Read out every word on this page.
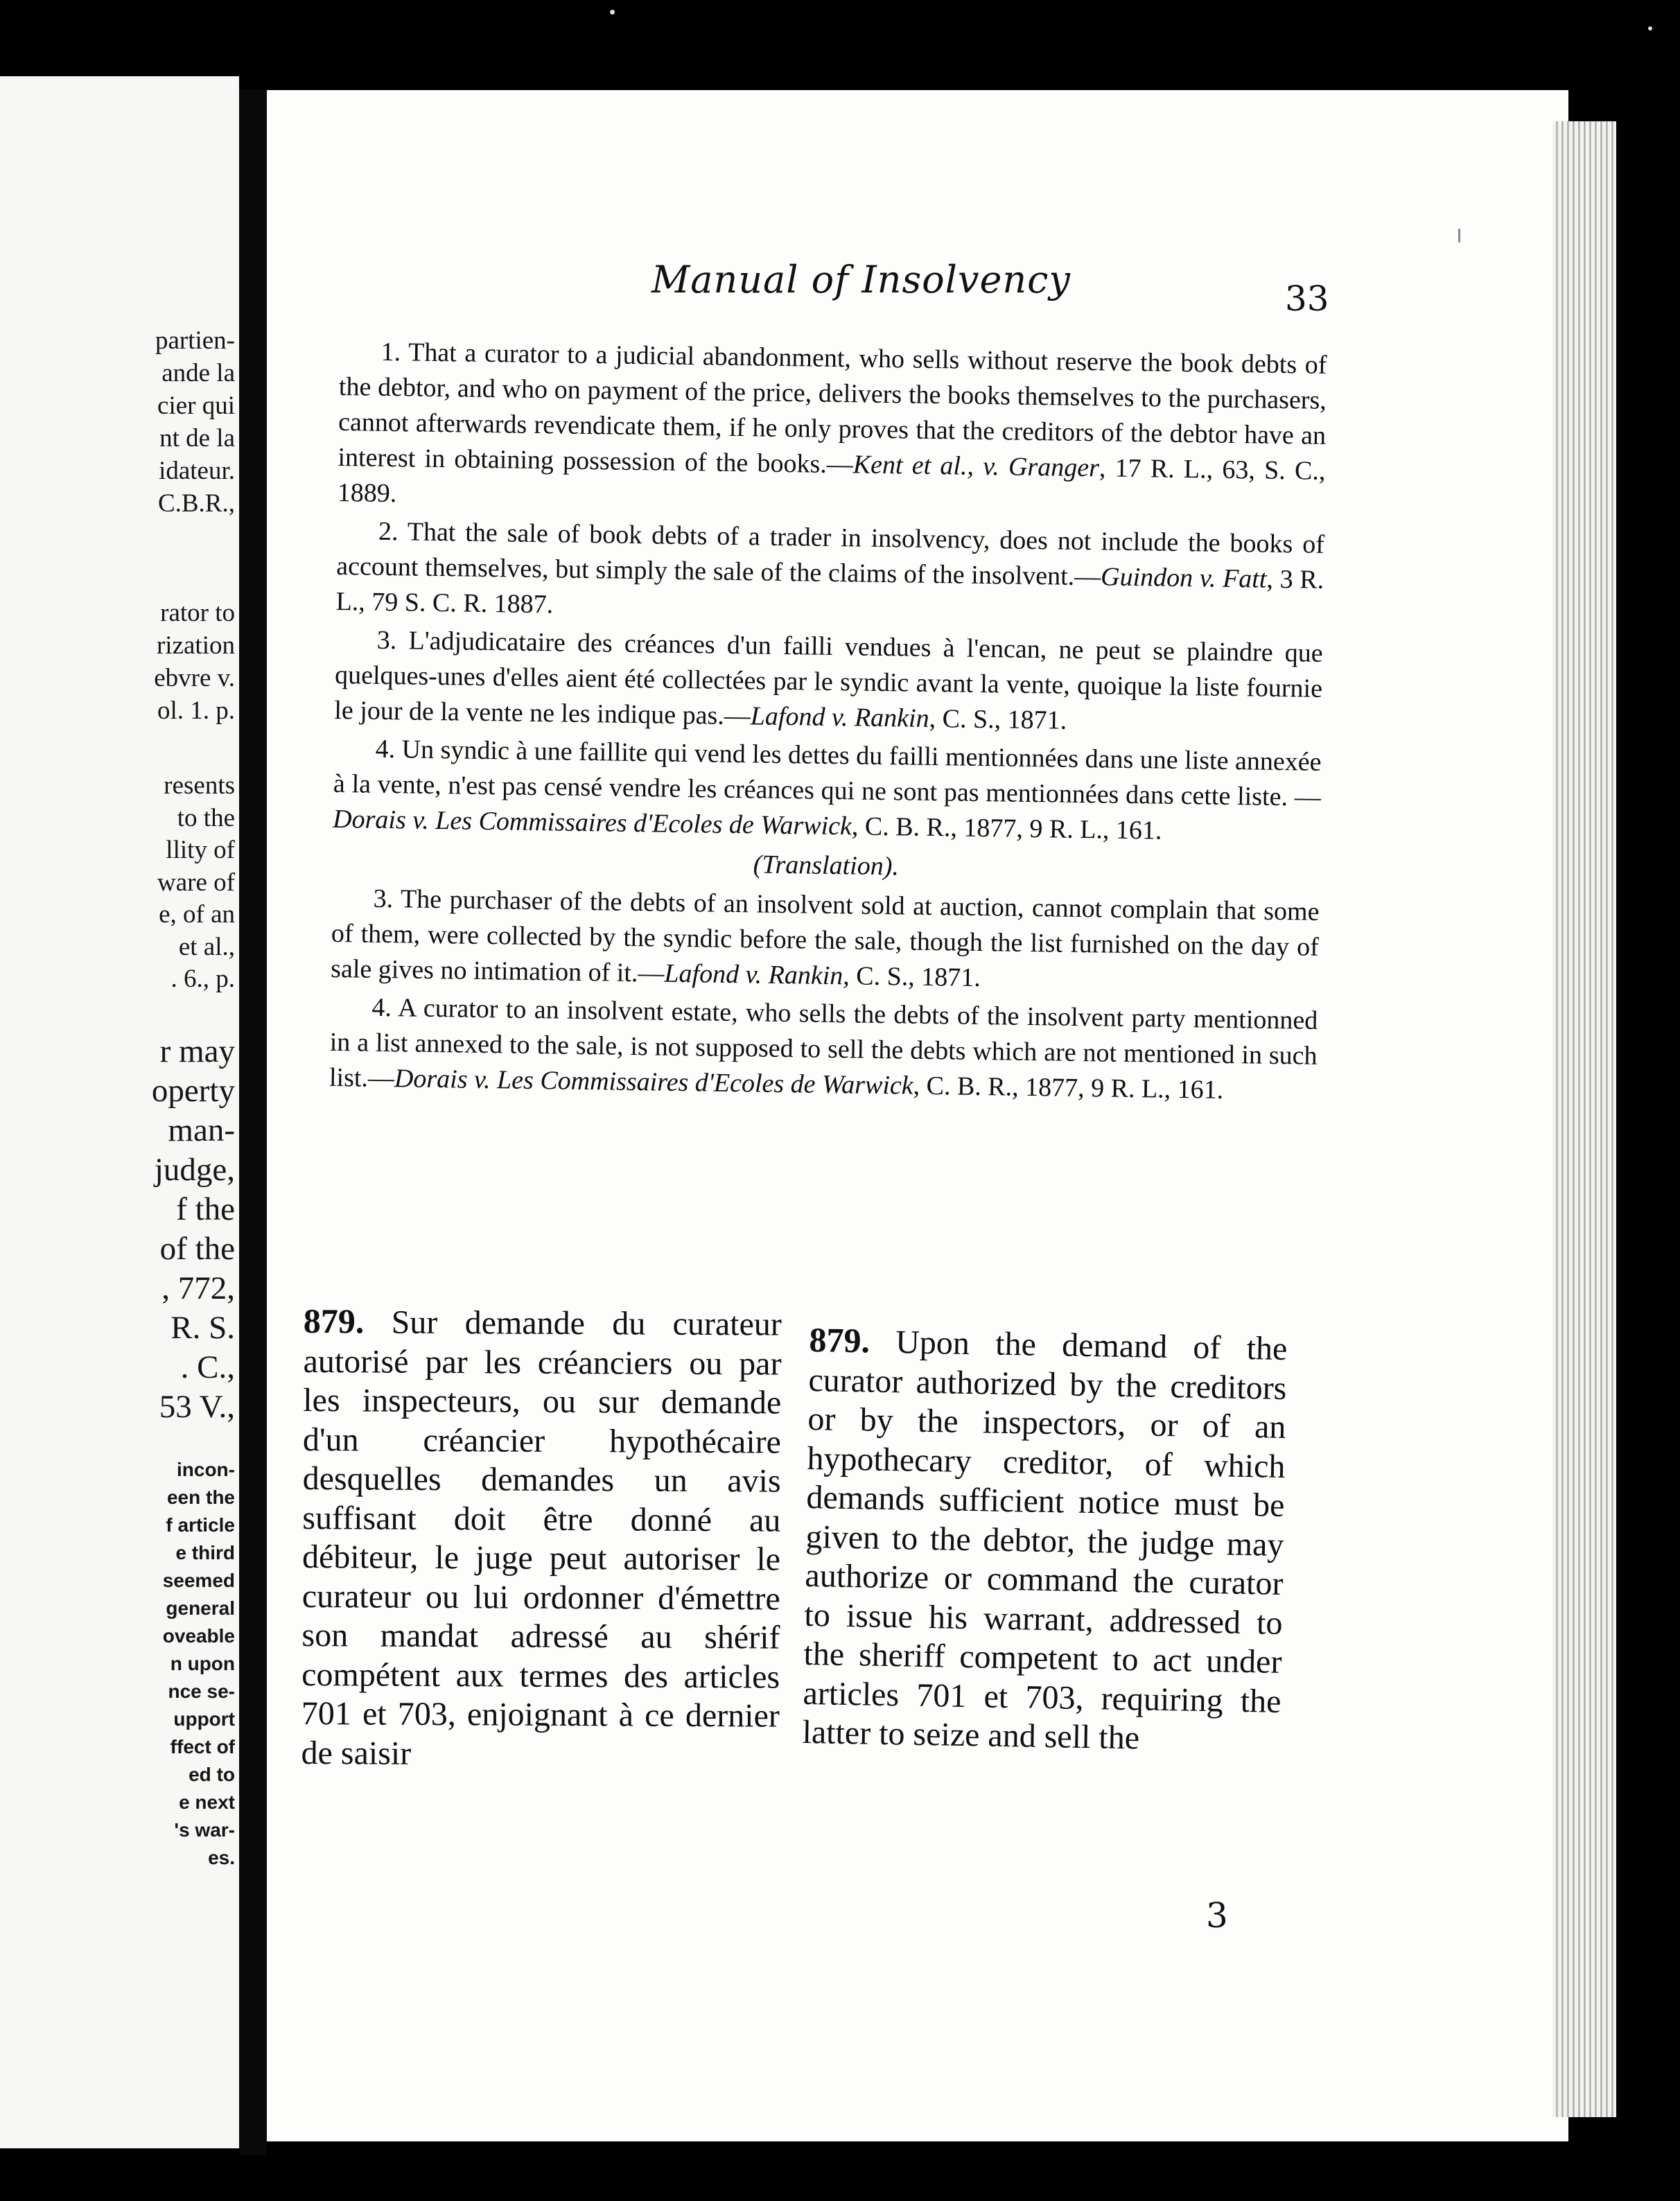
partien-
ande la
cier qui
nt de la
idateur.
C.B.R.,
rator to
rization
ebvre v.
ol. 1. p.
resents
to the
llity of
ware of
e, of an
et al.,
. 6., p.
r may
operty
man-
judge,
f the
of the
, 772,
R. S.
. C.,
53 V.,
incon-
een the
f article
e third
seemed
general
oveable
n upon
nce se-
upport
ffect of
ed to
e next
's war-
es.
Manual of Insolvency	33

1. That a curator to a judicial abandonment, who sells without reserve the book debts of the debtor, and who on payment of the price, delivers the books themselves to the purchasers, cannot afterwards revendicate them, if he only proves that the creditors of the debtor have an interest in obtaining possession of the books.—Kent et al., v. Granger, 17 R. L., 63, S. C., 1889.

2. That the sale of book debts of a trader in insolvency, does not include the books of account themselves, but simply the sale of the claims of the insolvent.—Guindon v. Fatt, 3 R. L., 79 S. C. R. 1887.

3. L'adjudicataire des créances d'un failli vendues à l'encan, ne peut se plaindre que quelques-unes d'elles aient été collectées par le syndic avant la vente, quoique la liste fournie le jour de la vente ne les indique pas.—Lafond v. Rankin, C. S., 1871.

4. Un syndic à une faillite qui vend les dettes du failli mentionnées dans une liste annexée à la vente, n'est pas censé vendre les créances qui ne sont pas mentionnées dans cette liste. — Dorais v. Les Commissaires d'Ecoles de Warwick, C. B. R., 1877, 9 R. L., 161.

(Translation).

3. The purchaser of the debts of an insolvent sold at auction, cannot complain that some of them, were collected by the syndic before the sale, though the list furnished on the day of sale gives no intimation of it.—Lafond v. Rankin, C. S., 1871.

4. A curator to an insolvent estate, who sells the debts of the insolvent party mentionned in a list annexed to the sale, is not supposed to sell the debts which are not mentioned in such list.—Dorais v. Les Commissaires d'Ecoles de Warwick, C. B. R., 1877, 9 R. L., 161.

879. Sur demande du curateur autorisé par les créanciers ou par les inspecteurs, ou sur demande d'un créancier hypothécaire desquelles demandes un avis suffisant doit être donné au débiteur, le juge peut autoriser le curateur ou lui ordonner d'émettre son mandat adressé au shérif compétent aux termes des articles 701 et 703, enjoignant à ce dernier de saisir
879. Upon the demand of the curator authorized by the creditors or by the inspectors, or of an hypothecary creditor, of which demands sufficient notice must be given to the debtor, the judge may authorize or command the curator to issue his warrant, addressed to the sheriff competent to act under articles 701 et 703, requiring the latter to seize and sell the
3
